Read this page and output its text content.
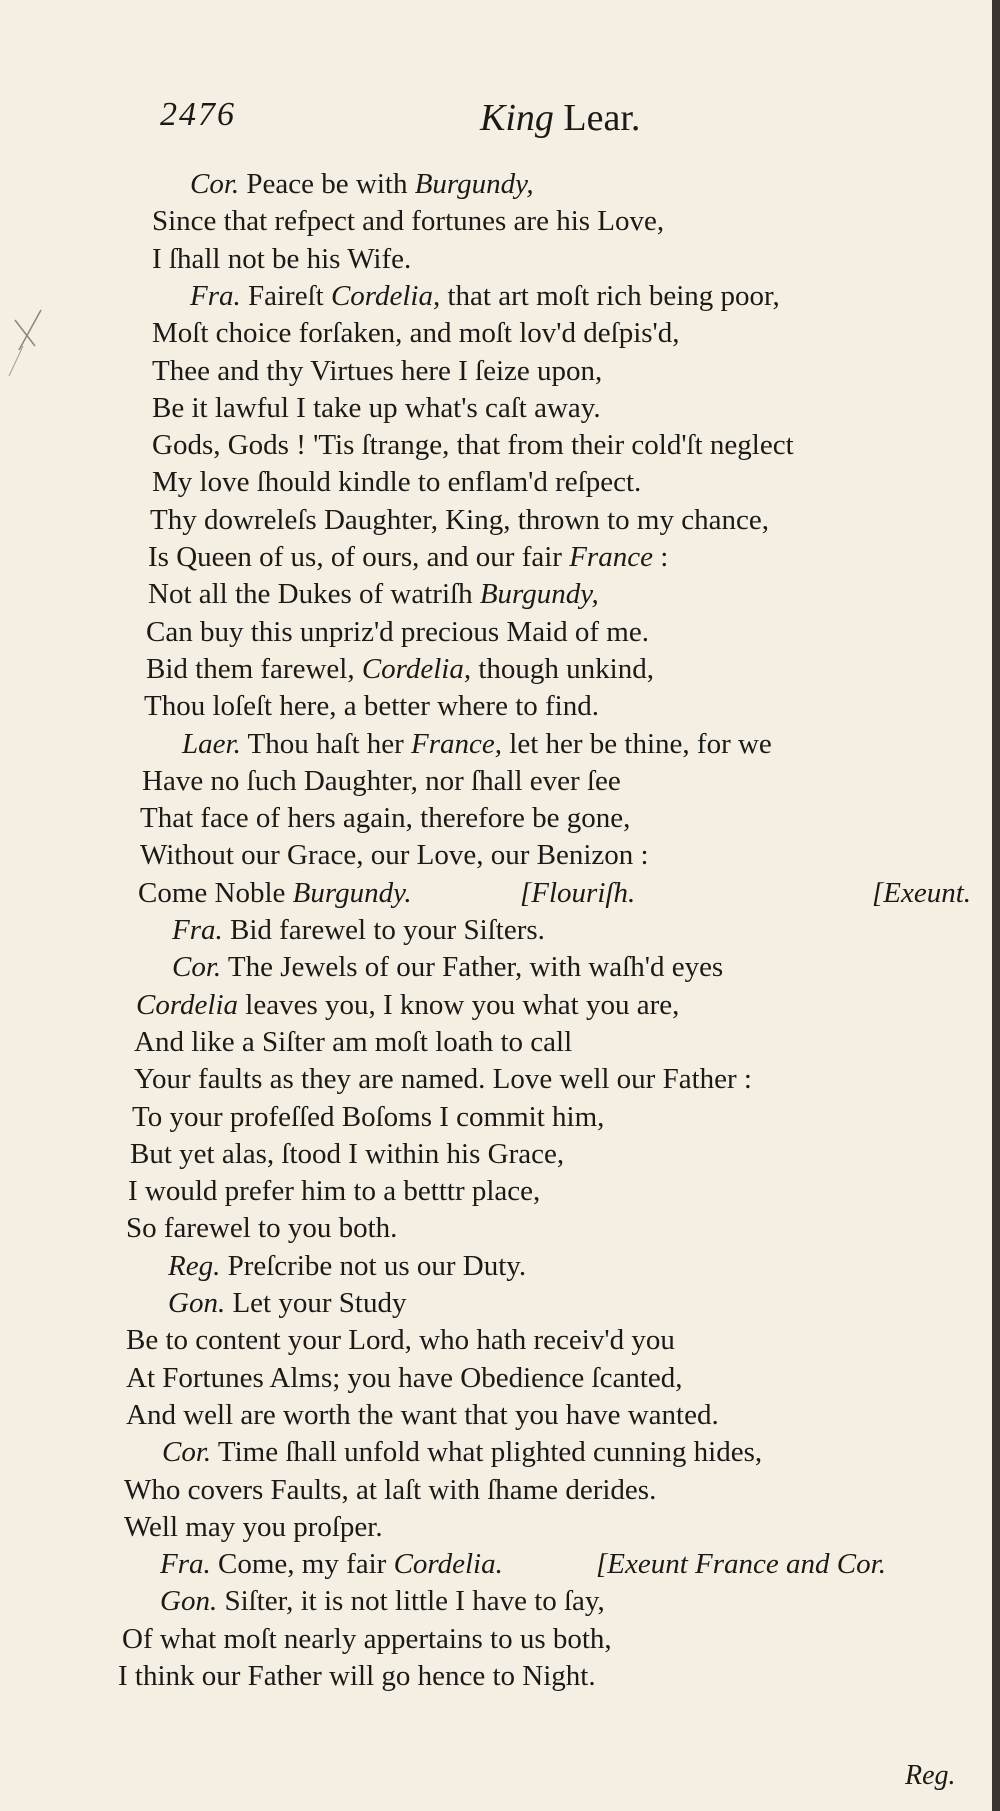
2476	King Lear.
Cor. Peace be with Burgundy,
Since that refpect and fortunes are his Love,
I ſhall not be his Wife.
Fra. Faireſt Cordelia, that art moſt rich being poor,
Moſt choice forſaken, and moſt lov'd deſpis'd,
Thee and thy Virtues here I ſeize upon,
Be it lawful I take up what's caſt away.
Gods, Gods ! 'Tis ſtrange, that from their cold'ſt neglect
My love ſhould kindle to enflam'd reſpect.
Thy dowreleſs Daughter, King, thrown to my chance,
Is Queen of us, of ours, and our fair France :
Not all the Dukes of watriſh Burgundy,
Can buy this unpriz'd precious Maid of me.
Bid them farewel, Cordelia, though unkind,
Thou loſeſt here, a better where to find.
Laer. Thou haſt her France, let her be thine, for we
Have no ſuch Daughter, nor ſhall ever ſee
That face of hers again, therefore be gone,
Without our Grace, our Love, our Benizon :
Come Noble Burgundy.	[Flouriſh.	[Exeunt.
Fra. Bid farewel to your Siſters.
Cor. The Jewels of our Father, with waſh'd eyes
Cordelia leaves you, I know you what you are,
And like a Siſter am moſt loath to call
Your faults as they are named. Love well our Father :
To your profeſſed Boſoms I commit him,
But yet alas, ſtood I within his Grace,
I would prefer him to a betttr place,
So farewel to you both.
Reg. Preſcribe not us our Duty.
Gon. Let your Study
Be to content your Lord, who hath receiv'd you
At Fortunes Alms; you have Obedience ſcanted,
And well are worth the want that you have wanted.
Cor. Time ſhall unfold what plighted cunning hides,
Who covers Faults, at laſt with ſhame derides.
Well may you proſper.
Fra. Come, my fair Cordelia.	[Exeunt France and Cor.
Gon. Siſter, it is not little I have to ſay,
Of what moſt nearly appertains to us both,
I think our Father will go hence to Night.
Reg.
